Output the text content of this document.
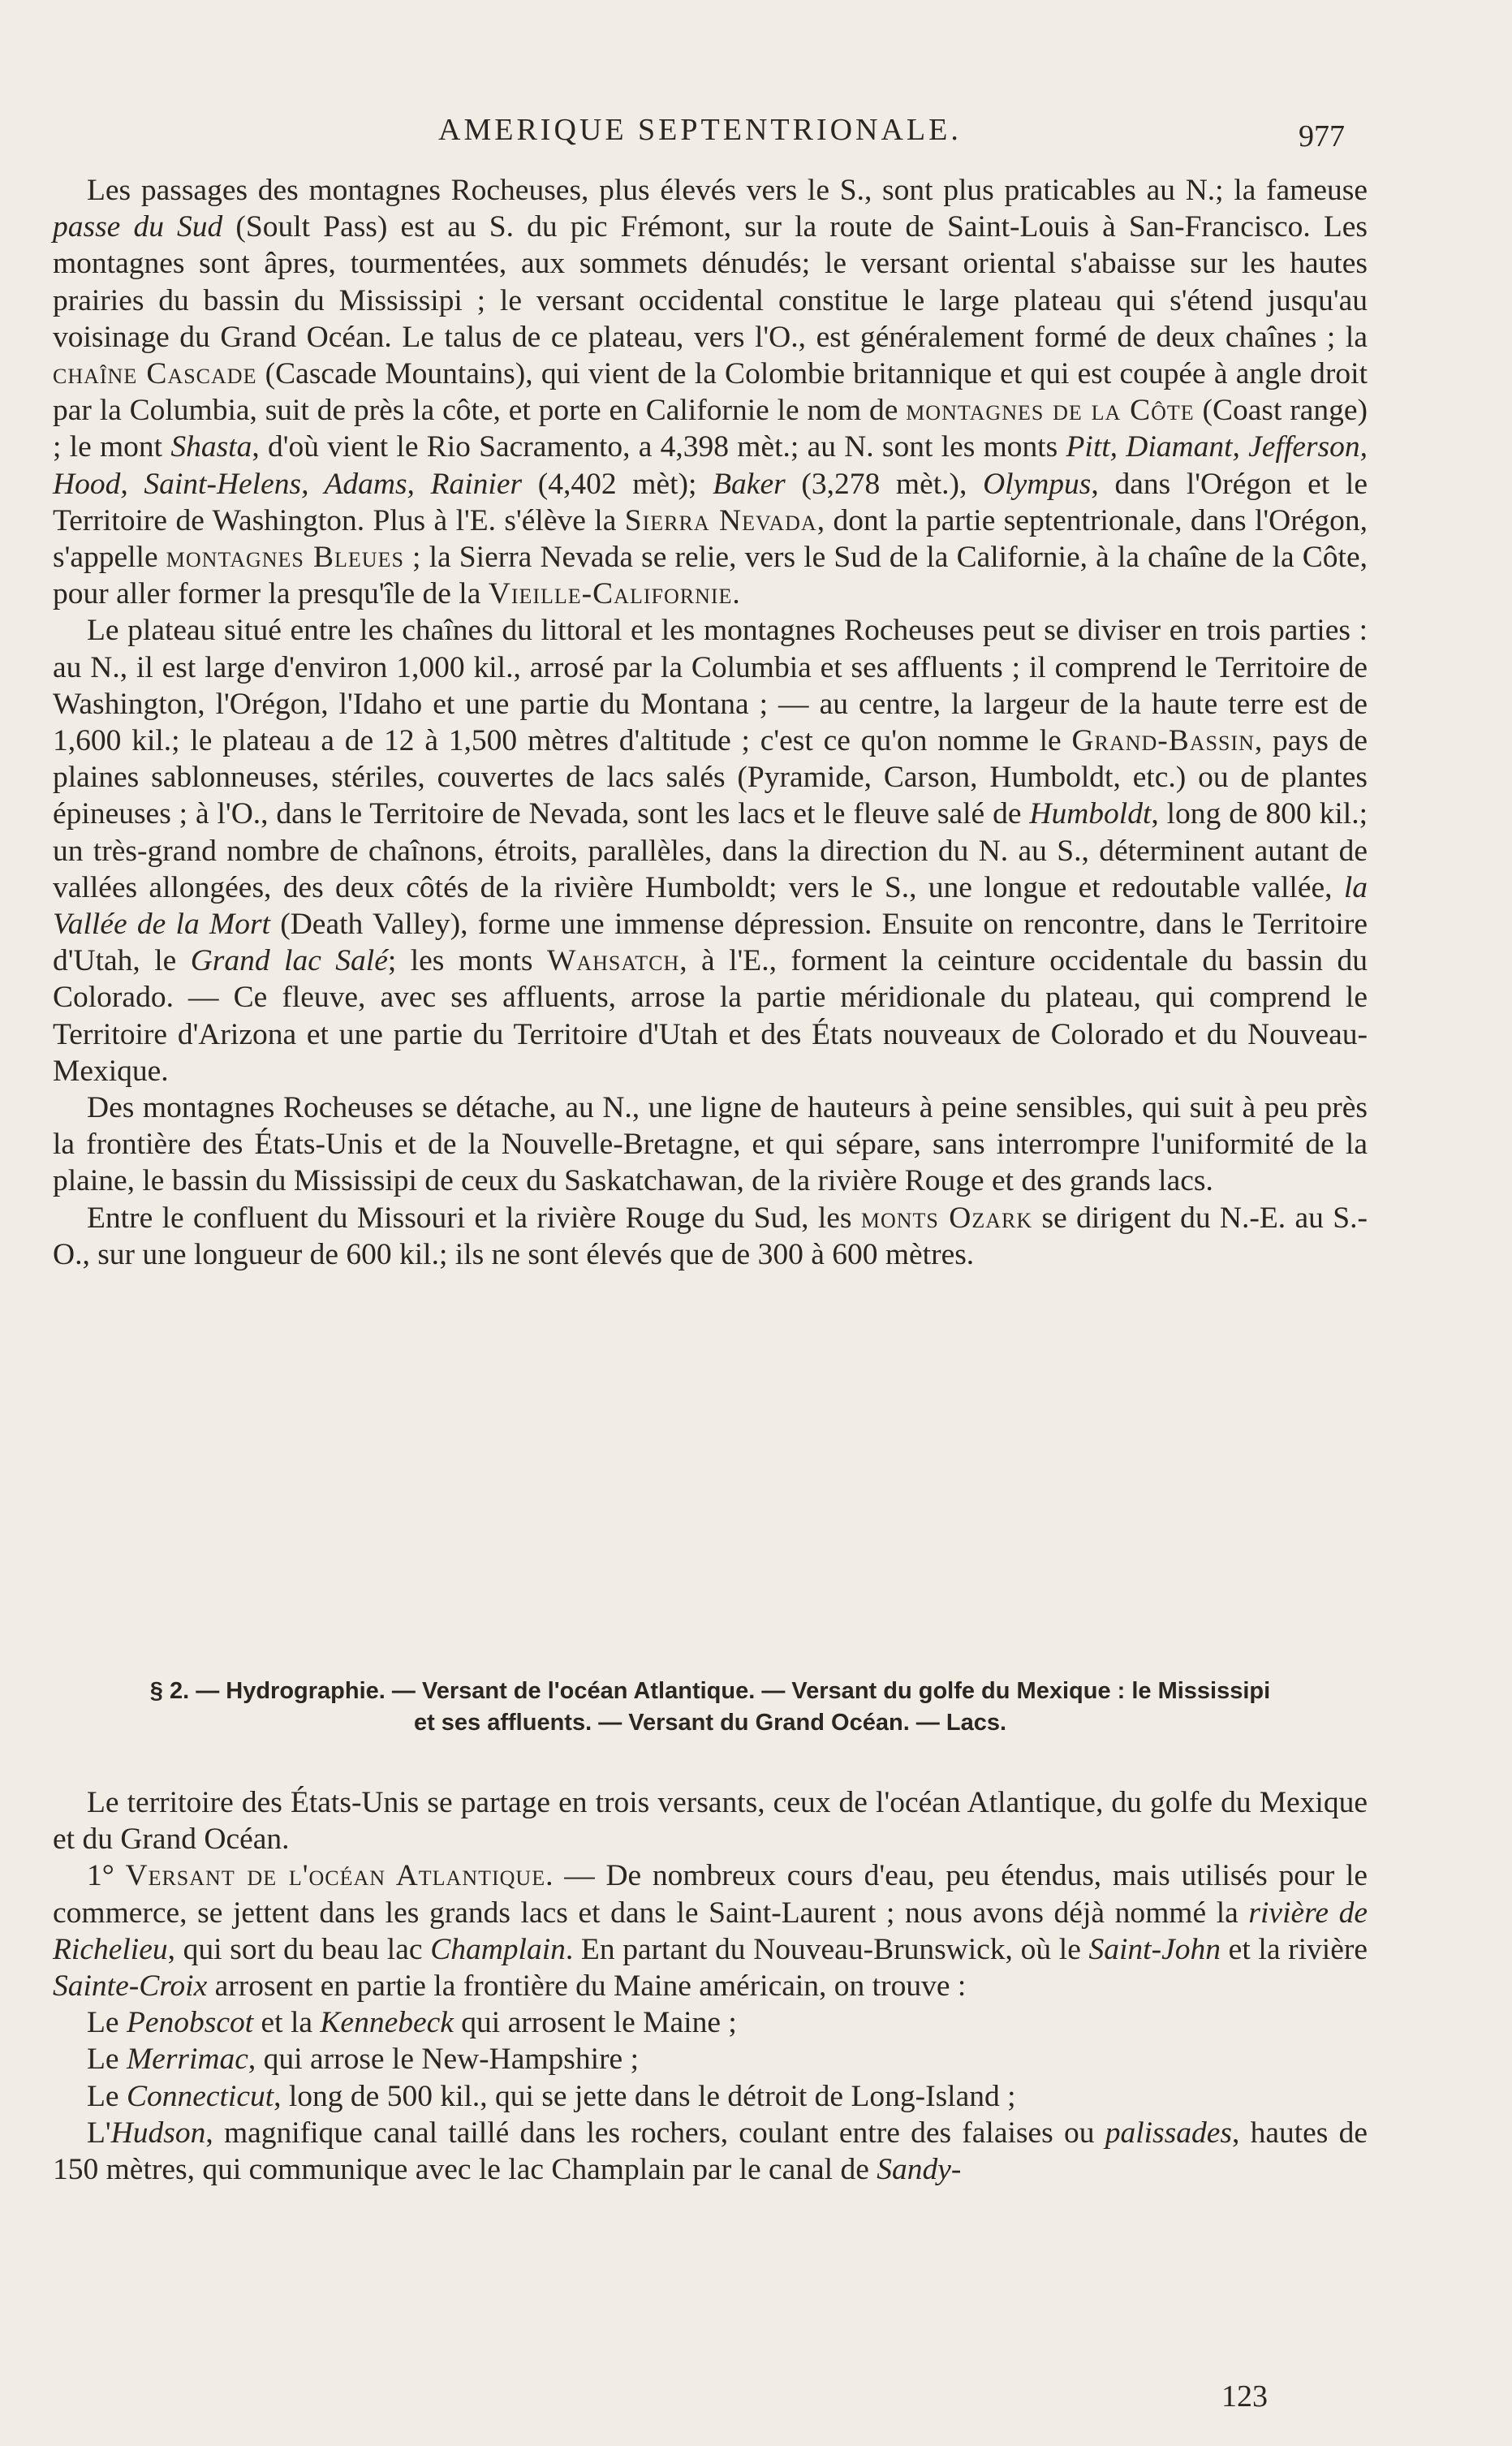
AMERIQUE SEPTENTRIONALE.	977

Les passages des montagnes Rocheuses, plus élevés vers le S., sont plus praticables au N.; la fameuse passe du Sud (Soult Pass) est au S. du pic Frémont, sur la route de Saint-Louis à San-Francisco. Les montagnes sont âpres, tourmentées, aux sommets dénudés; le versant oriental s'abaisse sur les hautes prairies du bassin du Mississipi ; le versant occidental constitue le large plateau qui s'étend jusqu'au voisinage du Grand Océan. Le talus de ce plateau, vers l'O., est généralement formé de deux chaînes ; la chaîne Cascade (Cascade Mountains), qui vient de la Colombie britannique et qui est coupée à angle droit par la Columbia, suit de près la côte, et porte en Californie le nom de montagnes de la Côte (Coast range) ; le mont Shasta, d'où vient le Rio Sacramento, a 4,398 mèt.; au N. sont les monts Pitt, Diamant, Jefferson, Hood, Saint-Helens, Adams, Rainier (4,402 mèt); Baker (3,278 mèt.), Olympus, dans l'Orégon et le Territoire de Washington. Plus à l'E. s'élève la Sierra Nevada, dont la partie septentrionale, dans l'Orégon, s'appelle montagnes Bleues ; la Sierra Nevada se relie, vers le Sud de la Californie, à la chaîne de la Côte, pour aller former la presqu'île de la Vieille-Californie.

Le plateau situé entre les chaînes du littoral et les montagnes Rocheuses peut se diviser en trois parties : au N., il est large d'environ 1,000 kil., arrosé par la Columbia et ses affluents ; il comprend le Territoire de Washington, l'Orégon, l'Idaho et une partie du Montana ; — au centre, la largeur de la haute terre est de 1,600 kil.; le plateau a de 12 à 1,500 mètres d'altitude ; c'est ce qu'on nomme le Grand-Bassin, pays de plaines sablonneuses, stériles, couvertes de lacs salés (Pyramide, Carson, Humboldt, etc.) ou de plantes épineuses ; à l'O., dans le Territoire de Nevada, sont les lacs et le fleuve salé de Humboldt, long de 800 kil.; un très-grand nombre de chaînons, étroits, parallèles, dans la direction du N. au S., déterminent autant de vallées allongées, des deux côtés de la rivière Humboldt; vers le S., une longue et redoutable vallée, la Vallée de la Mort (Death Valley), forme une immense dépression. Ensuite on rencontre, dans le Territoire d'Utah, le Grand lac Salé; les monts Wahsatch, à l'E., forment la ceinture occidentale du bassin du Colorado. — Ce fleuve, avec ses affluents, arrose la partie méridionale du plateau, qui comprend le Territoire d'Arizona et une partie du Territoire d'Utah et des États nouveaux de Colorado et du Nouveau-Mexique.

Des montagnes Rocheuses se détache, au N., une ligne de hauteurs à peine sensibles, qui suit à peu près la frontière des États-Unis et de la Nouvelle-Bretagne, et qui sépare, sans interrompre l'uniformité de la plaine, le bassin du Mississipi de ceux du Saskatchawan, de la rivière Rouge et des grands lacs.

Entre le confluent du Missouri et la rivière Rouge du Sud, les monts Ozark se dirigent du N.-E. au S.-O., sur une longueur de 600 kil.; ils ne sont élevés que de 300 à 600 mètres.

§ 2. — Hydrographie. — Versant de l'océan Atlantique. — Versant du golfe du Mexique : le Mississipi
et ses affluents. — Versant du Grand Océan. — Lacs.

Le territoire des États-Unis se partage en trois versants, ceux de l'océan Atlantique, du golfe du Mexique et du Grand Océan.

1° Versant de l'océan Atlantique. — De nombreux cours d'eau, peu étendus, mais utilisés pour le commerce, se jettent dans les grands lacs et dans le Saint-Laurent ; nous avons déjà nommé la rivière de Richelieu, qui sort du beau lac Champlain. En partant du Nouveau-Brunswick, où le Saint-John et la rivière Sainte-Croix arrosent en partie la frontière du Maine américain, on trouve :

Le Penobscot et la Kennebeck qui arrosent le Maine ;

Le Merrimac, qui arrose le New-Hampshire ;

Le Connecticut, long de 500 kil., qui se jette dans le détroit de Long-Island ;

L'Hudson, magnifique canal taillé dans les rochers, coulant entre des falaises ou palissades, hautes de 150 mètres, qui communique avec le lac Champlain par le canal de Sandy-

123
